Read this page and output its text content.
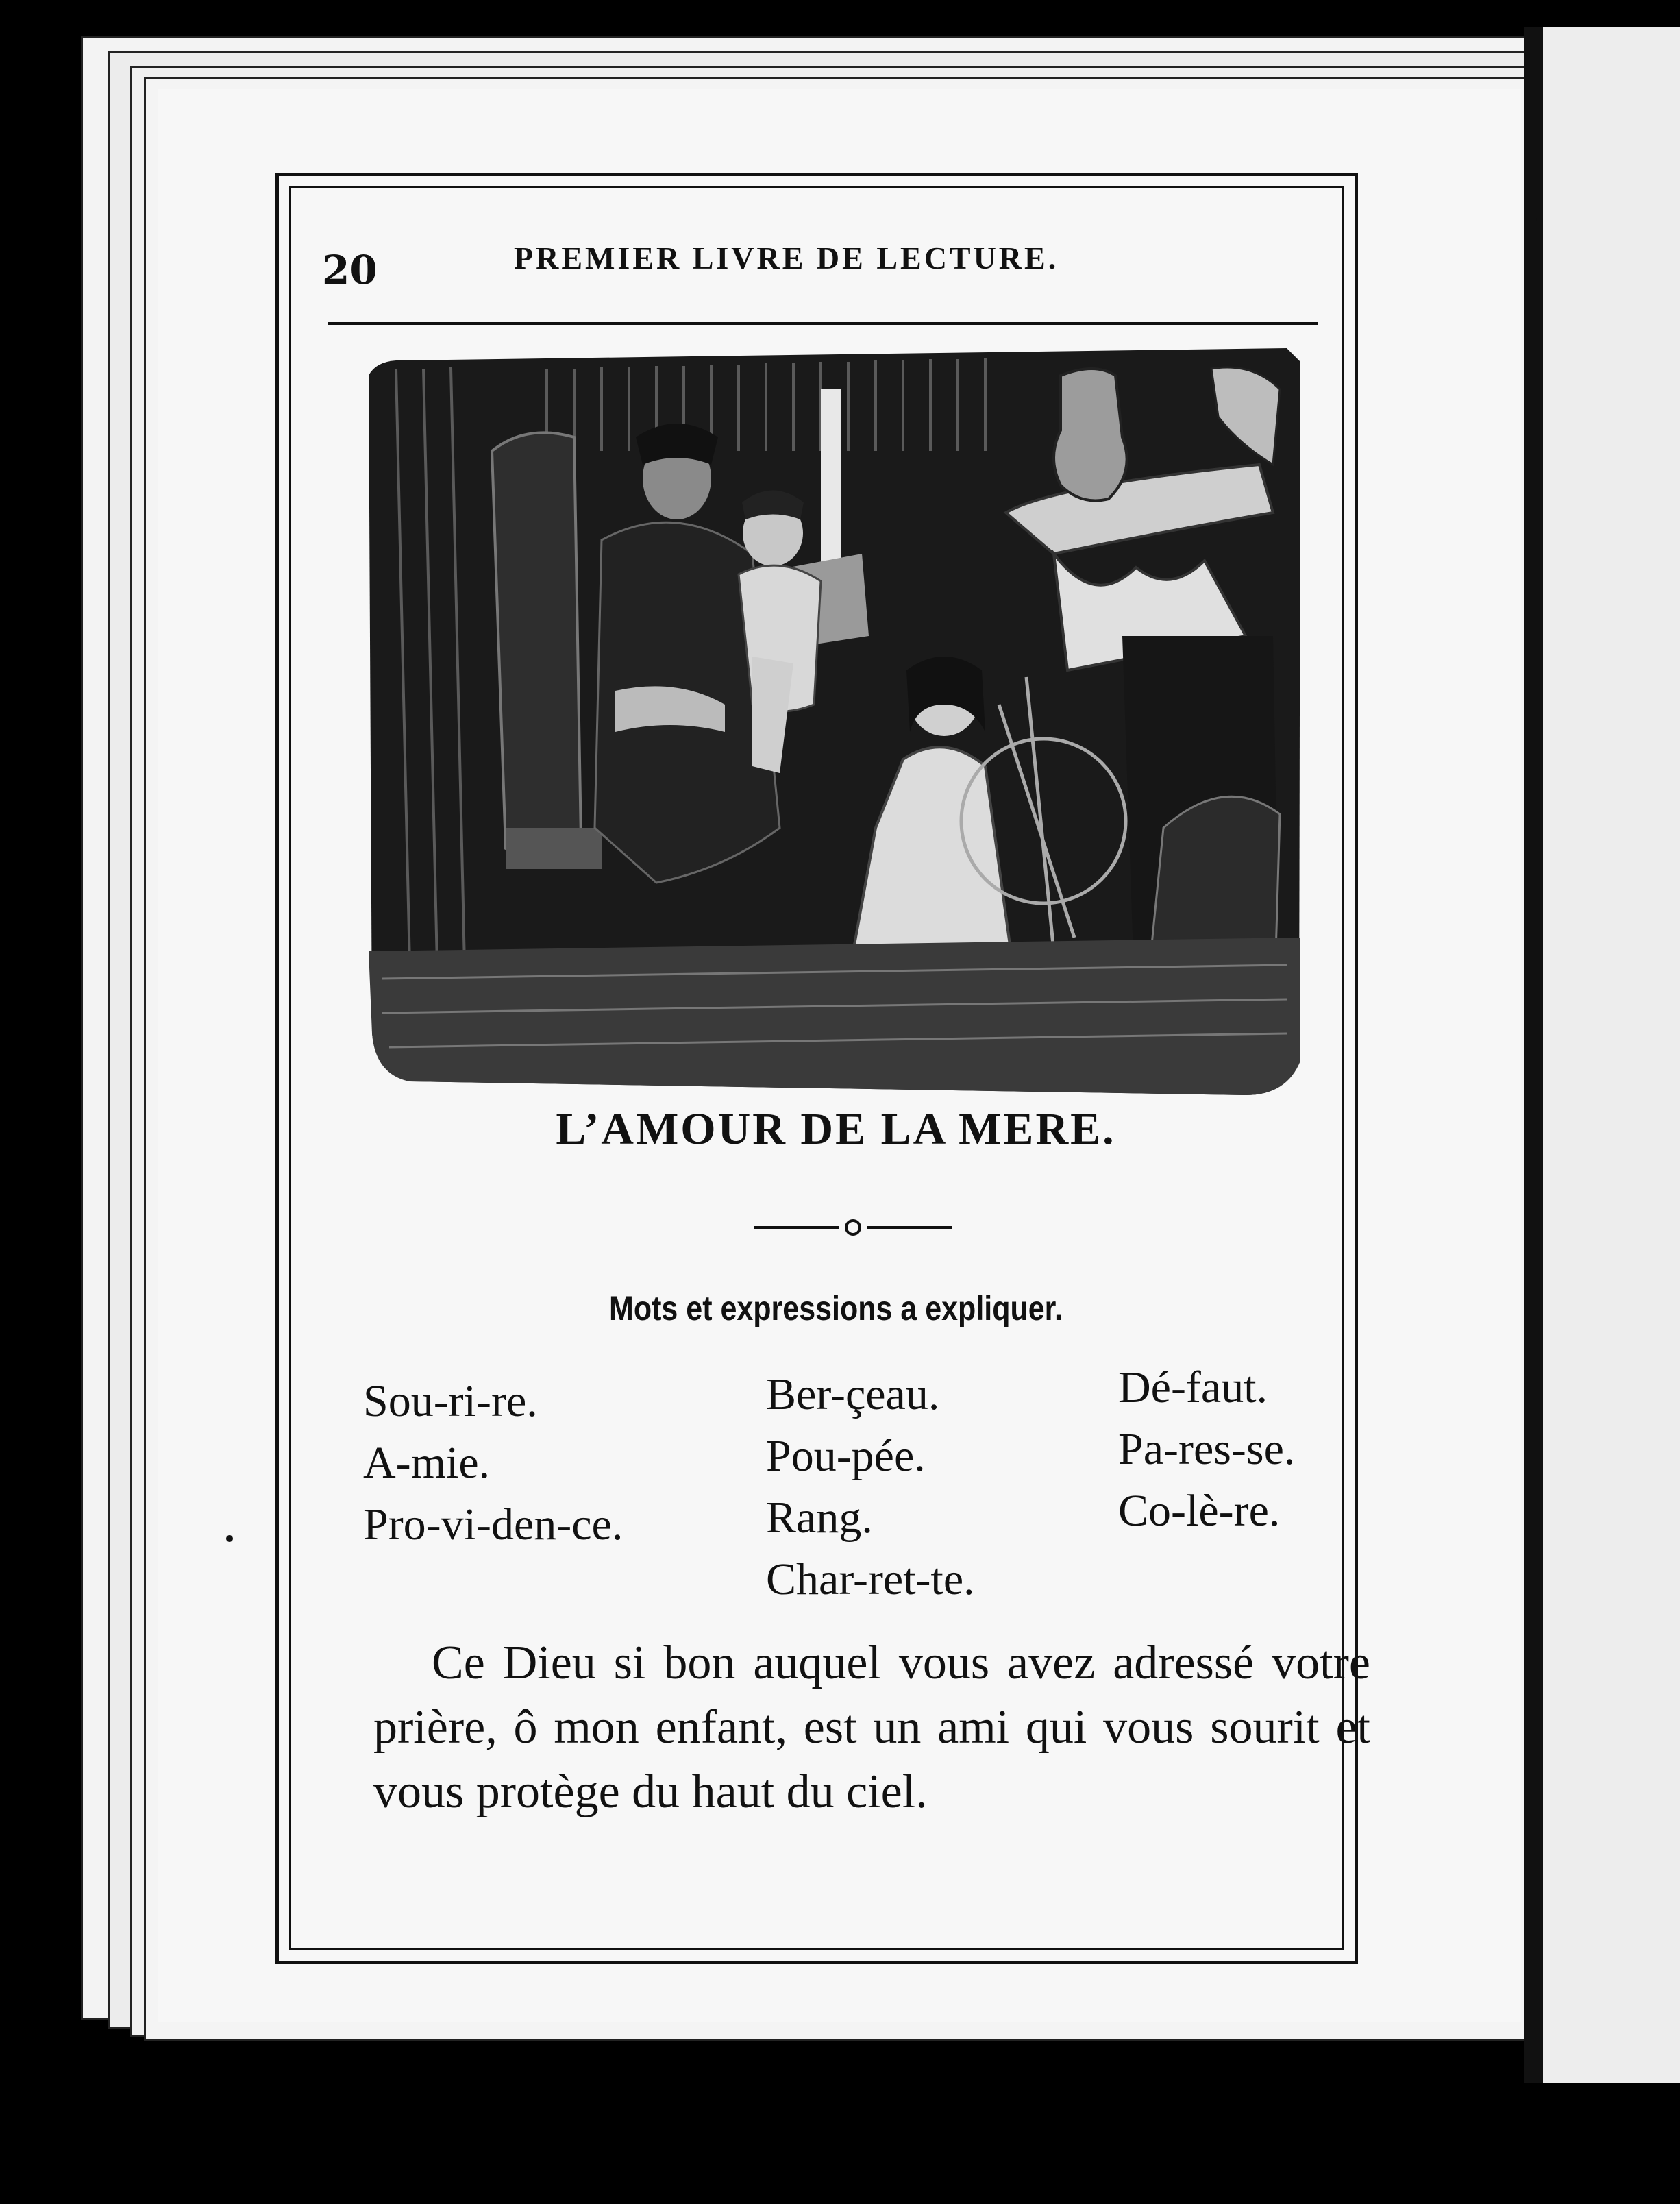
20	PREMIER LIVRE DE LECTURE.
L’AMOUR DE LA MERE.
Mots et expressions a expliquer.
Sou-ri-re.
A-mie.
Pro-vi-den-ce.
Ber-çeau.
Pou-pée.
Rang.
Char-ret-te.
Dé-faut.
Pa-res-se.
Co-lè-re.
Ce Dieu si bon auquel vous avez adressé votre prière, ô mon enfant, est un ami qui vous sourit et vous protège du haut du ciel.
